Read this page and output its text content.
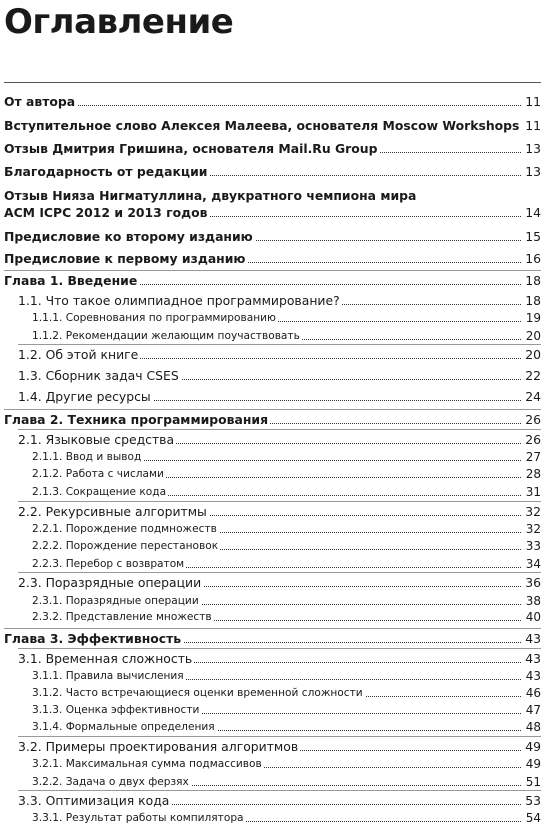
Оглавление
От автора	11
Вступительное слово Алексея Малеева, основателя Moscow Workshops 11
Отзыв Дмитрия Гришина, основателя Mail.Ru Group	13
Благодарность от редакции	13
Отзыв Нияза Нигматуллина, двукратного чемпиона мира
ACM ICPC 2012 и 2013 годов	14
Предисловие ко второму изданию	15
Предисловие к первому изданию	16
Глава 1. Введение	18
1.1. Что такое олимпиадное программирование?	18
1.1.1. Соревнования по программированию	19
1.1.2. Рекомендации желающим поучаствовать	20
1.2. Об этой книге	20
1.3. Сборник задач CSES	22
1.4. Другие ресурсы	24
Глава 2. Техника программирования	26
2.1. Языковые средства	26
2.1.1. Ввод и вывод	27
2.1.2. Работа с числами	28
2.1.3. Сокращение кода	31
2.2. Рекурсивные алгоритмы	32
2.2.1. Порождение подмножеств	32
2.2.2. Порождение перестановок	33
2.2.3. Перебор с возвратом	34
2.3. Поразрядные операции	36
2.3.1. Поразрядные операции	38
2.3.2. Представление множеств	40
Глава 3. Эффективность	43
3.1. Временная сложность	43
3.1.1. Правила вычисления	43
3.1.2. Часто встречающиеся оценки временной сложности	46
3.1.3. Оценка эффективности	47
3.1.4. Формальные определения	48
3.2. Примеры проектирования алгоритмов	49
3.2.1. Максимальная сумма подмассивов	49
3.2.2. Задача о двух ферзях	51
3.3. Оптимизация кода	53
3.3.1. Результат работы компилятора	54
